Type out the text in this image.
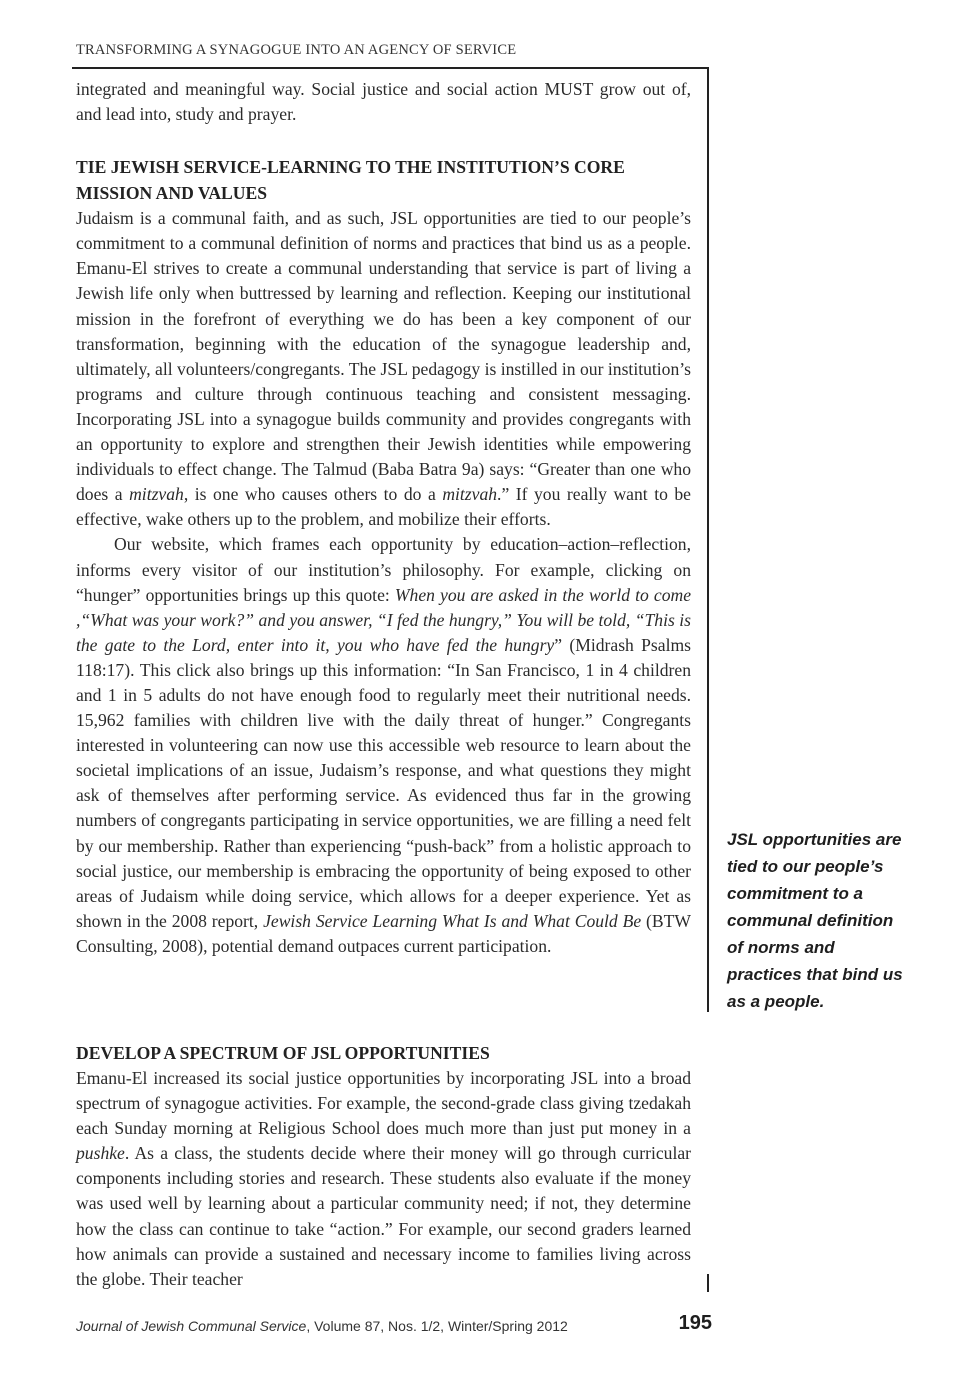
TRANSFORMING A SYNAGOGUE INTO AN AGENCY OF SERVICE

integrated and meaningful way. Social justice and social action MUST grow out of, and lead into, study and prayer.

TIE JEWISH SERVICE-LEARNING TO THE INSTITUTION’S CORE MISSION AND VALUES

Judaism is a communal faith, and as such, JSL opportunities are tied to our people’s commitment to a communal definition of norms and practices that bind us as a people. Emanu-El strives to create a communal understanding that service is part of living a Jewish life only when buttressed by learning and reflection. Keeping our institutional mission in the forefront of everything we do has been a key component of our transformation, beginning with the education of the synagogue leadership and, ultimately, all volunteers/congregants. The JSL pedagogy is instilled in our institution’s programs and culture through continuous teaching and consistent messaging. Incorporating JSL into a synagogue builds community and provides congregants with an opportunity to explore and strengthen their Jewish identities while empowering individuals to effect change. The Talmud (Baba Batra 9a) says: “Greater than one who does a mitzvah, is one who causes others to do a mitzvah.” If you really want to be effective, wake others up to the problem, and mobilize their efforts.

Our website, which frames each opportunity by education–action–reflection, informs every visitor of our institution’s philosophy. For example, clicking on “hunger” opportunities brings up this quote: When you are asked in the world to come ,“What was your work?” and you answer, “I fed the hungry,” You will be told, “This is the gate to the Lord, enter into it, you who have fed the hungry” (Midrash Psalms 118:17). This click also brings up this information: “In San Francisco, 1 in 4 children and 1 in 5 adults do not have enough food to regularly meet their nutritional needs. 15,962 families with children live with the daily threat of hunger.” Congregants interested in volunteering can now use this accessible web resource to learn about the societal implications of an issue, Judaism’s response, and what questions they might ask of themselves after performing service. As evidenced thus far in the growing numbers of congregants participating in service opportunities, we are filling a need felt by our membership. Rather than experiencing “push-back” from a holistic approach to social justice, our membership is embracing the opportunity of being exposed to other areas of Judaism while doing service, which allows for a deeper experience. Yet as shown in the 2008 report, Jewish Service Learning What Is and What Could Be (BTW Consulting, 2008), potential demand outpaces current participation.

DEVELOP A SPECTRUM OF JSL OPPORTUNITIES

Emanu-El increased its social justice opportunities by incorporating JSL into a broad spectrum of synagogue activities. For example, the second-grade class giving tzedakah each Sunday morning at Religious School does much more than just put money in a pushke. As a class, the students decide where their money will go through curricular components including stories and research. These students also evaluate if the money was used well by learning about a particular community need; if not, they determine how the class can continue to take “action.” For example, our second graders learned how animals can provide a sustained and necessary income to families living across the globe. Their teacher

JSL opportunities are tied to our people’s commitment to a communal definition of norms and practices that bind us as a people.
Journal of Jewish Communal Service, Volume 87, Nos. 1/2, Winter/Spring 2012	195
